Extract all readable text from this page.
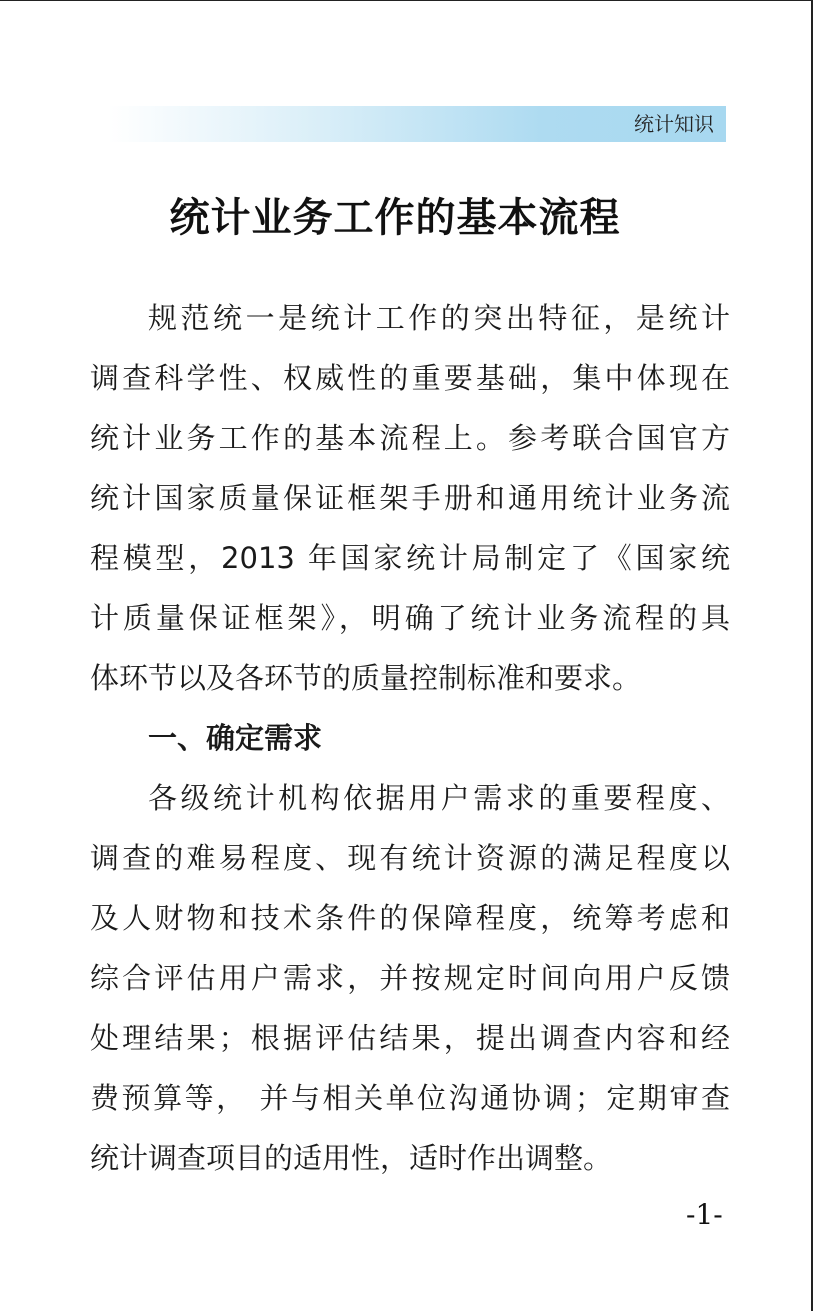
统计知识
统计业务工作的基本流程
规范统一是统计工作的突出特征，是统计
调查科学性、权威性的重要基础，集中体现在
统计业务工作的基本流程上。参考联合国官方
统计国家质量保证框架手册和通用统计业务流
程模型，2013 年国家统计局制定了《国家统
计质量保证框架》，明确了统计业务流程的具
体环节以及各环节的质量控制标准和要求。
一、确定需求
各级统计机构依据用户需求的重要程度、
调查的难易程度、现有统计资源的满足程度以
及人财物和技术条件的保障程度，统筹考虑和
综合评估用户需求，并按规定时间向用户反馈
处理结果；根据评估结果，提出调查内容和经
费预算等， 并与相关单位沟通协调；定期审查
统计调查项目的适用性，适时作出调整。
-1-
